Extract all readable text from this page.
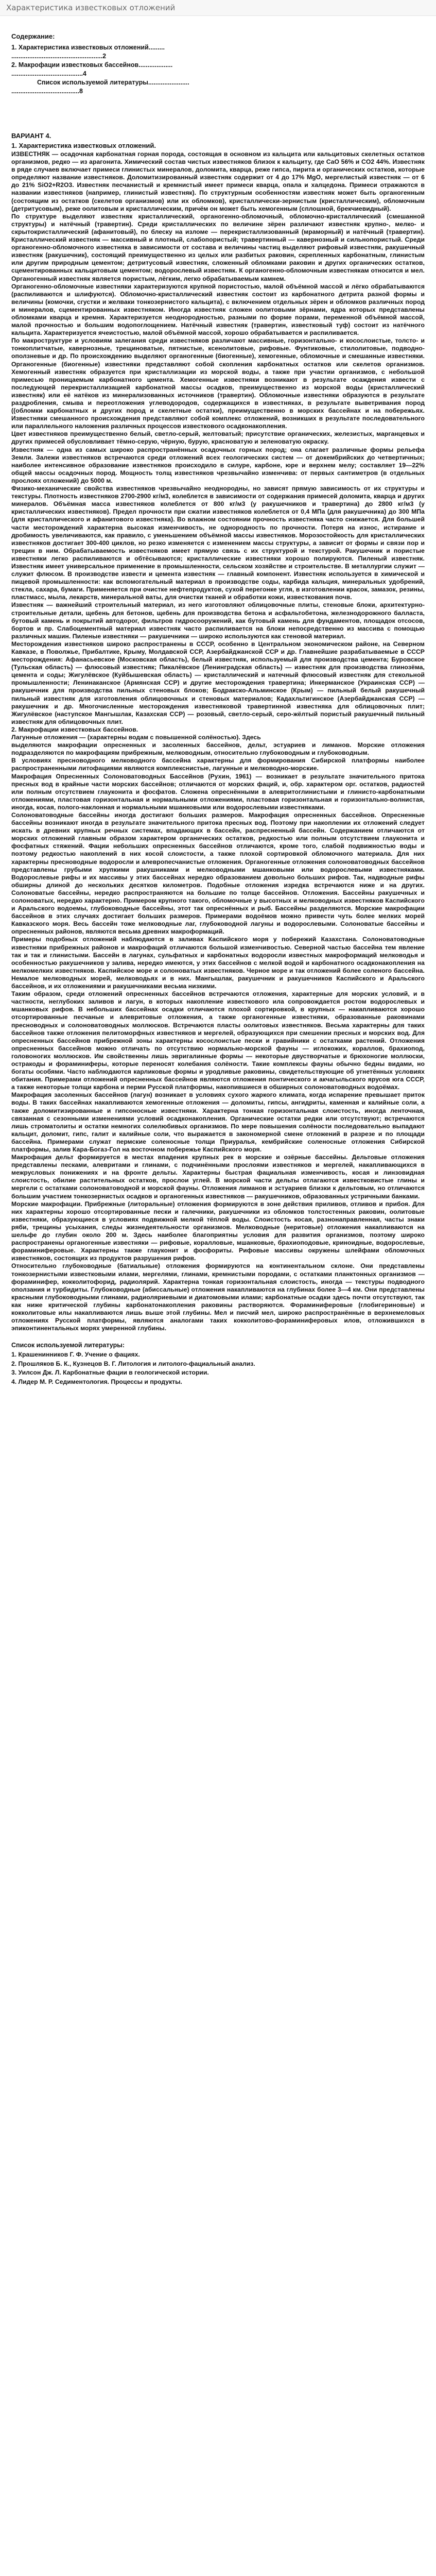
Характеристика известковых отложений
Содержание:

1. Характеристика известковых отложений.........

...................................................2

2. Макрофации известковых бассейнов...................

........................................4

Список используемой литературы.......................

......................................8

ВАРИАНТ 4.
1. Характеристика известковых отложений.

ИЗВЕСТНЯК — осадочная карбонатная горная порода, состоящая в основном из кальцита или кальцитовых скелетных остатков организмов, редко — из арагонита. Химический состав чистых известняков близок к кальциту, где CaO 56% и CO2 44%. Известняк в ряде случаев включает примеси глинистых минералов, доломита, кварца, реже гипса, пирита и органических остатков, которые определяют название известняков. Доломитизированный известняк содержит от 4 до 17% MgO, мергелистый известняк — от 6 до 21% SiO2+R2O3. Известняк песчанистый и кремнистый имеет примеси кварца, опала и халцедона. Примеси отражаются в названии известняков (например, глинистый известняк). По структурным особенностям известняк может быть органогенным (состоящим из остатков (скелетов организмов) или их обломков), кристаллически-зернистым (кристаллическим), обломочным (детритусовым), реже оолитовым и кристаллическим, причём он может быть хемогенным (сплошной, брекчиевидный).

По структуре выделяют известняк кристаллический, органогенно-обломочный, обломочно-кристаллический (смешанной структуры) и натёчный (травертин). Среди кристаллических по величине зёрен различают известняк крупно-, мелко- и скрытокристаллический (афанитовый), по блеску на изломе — перекристаллизованный (мраморный) и натёчный (травертин). Кристаллический известняк — массивный и плотный, слабопористый; травертинный — кавернозный и сильнопористый. Среди органогенно-обломочного известняка в зависимости от состава и величины частиц выделяют рифовый известняк, ракушечный известняк (ракушечник), состоящий преимущественно из целых или разбитых раковин, скрепленных карбонатным, глинистым или другим природным цементом; детритусовый известняк, сложенный обломками раковин и других органических остатков, сцементированных кальцитовым цементом; водорослевый известняк. К органогенно-обломочным известнякам относится и мел. Органогенный известняк является пористым, лёгким, легко обрабатываемым камнем.

Органогенно-обломочные известняки характеризуются крупной пористостью, малой объёмной массой и лёгко обрабатываются (распиливаются и шлифуются). Обломочно-кристаллический известняк состоит из карбонатного детрита разной формы и величины (комочки, сгустки и желваки тонкозернистого кальцита), с включением отдельных зёрен и обломков различных пород и минералов, сцементированных известняком. Иногда известняк сложен оолитовыми зёрнами, ядра которых представлены обломками кварца и кремня. Характеризуется неоднородностью, разными по форме порами, переменной объёмной массой, малой прочностью и большим водопоглощением. Натёчный известняк (травертин, известковый туф) состоит из натёчного кальцита. Характеризуется ячеистостью, малой объёмной массой, хорошо обрабатывается и распиливается.

По макроструктуре и условиям залегания среди известняков различают массивные, горизонтально- и косослоистые, толсто- и тонкоплитчатые, кавернозные, трещиноватые, пятнистые, ксенолитовые, рифовые. Фунтиковые, стилолитовые, подводно-оползневые и др. По происхождению выделяют органогенные (биогенные), хемогенные, обломочные и смешанные известняки. Органогенные (биогенные) известняки представляют собой скопления карбонатных остатков или скелетов организмов. Хемогенный известняк образуется при кристаллизации из морской воды, а также при участии организмов, с небольшой примесью проницаемым карбонатного цемента. Хемогенные известняки возникают в результате осаждения извести с последующей перекристаллизацией карбонатной массы осадков, преимущественно из морской воды (кристаллический известняк) или её натёков из минерализованных источников (травертин). Обломочные известняки образуются в результате раздробления, смыва и переотложения углеводородов, содержащихся в известняках, в результате выветривания пород ((обломки карбонатных и других пород и скелетные остатки), преимущественно в морских бассейнах и на побережьях. Известняки смешанного происхождения представляют собой комплекс отложений, возникших в результате последовательного или параллельного наложения различных процессов известкового осадконакопления.

Цвет известняков преимущественно белый, светло-серый, желтоватый; присутствие органических, железистых, марганцевых и других примесей обусловливает тёмно-серую, чёрную, бурую, красноватую и зеленоватую окраску.

Известняк — одна из самых широко распространённых осадочных горных пород; она слагает различные формы рельефа Земли. Залежи известняков встречаются среди отложений всех геологических систем — от докембрийских до четвертичных; наиболее интенсивное образование известняков происходило в силуре, карбоне, юре и верхнем мелу; составляет 19—22% общей массы осадочных пород. Мощность толщ известняков чрезвычайно изменчива: от первых сантиметров (в отдельных прослоях отложений) до 5000 м.

Физико-механические свойства известняков чрезвычайно неоднородны, но зависят прямую зависимость от их структуры и текстуры. Плотность известняков 2700-2900 кг/м3, колеблется в зависимости от содержания примесей доломита, кварца и других минералов. Объёмная масса известняков колеблется от 800 кг/м3 (у ракушечников и травертина) до 2800 кг/м3 (у кристаллических известняков). Предел прочности при сжатии известняков колеблется от 0,4 МПа (для ракушечника) до 300 МПа (для кристаллического и афанитового известняка). Во влажном состоянии прочность известняка часто снижается. Для большей части месторождений характерна высокая изменчивость, не однородность по прочности. Потеря на износ, истирание и дробимость увеличиваются, как правило, с уменьшением объёмной массы известняков. Морозостойкость для кристаллических известняков достигает 300-400 циклов, но резко изменяется с изменением массы структуры, а зависит от формы и связи пор и трещин в ним. Обрабатываемость известняков имеет прямую связь с их структурой и текстурой. Ракушечник и пористые известняки легко распиливаются и обтёсываются; кристаллические известняки хорошо полируются. Пиленый известняк. Известняк имеет универсальное применение в промышленности, сельском хозяйстве и строительстве. В металлургии служит — служит флюсом. В производстве извести и цемента известняк — главный компонент. Известняк используется в химической и пищевой промышленности: как вспомогательный материал в производстве соды, карбида кальция, минеральных удобрений, стекла, сахара, бумаги. Применяется при очистке нефтепродуктов, сухой перегонке угля, в изготовлении красок, замазок, резины, пластмасс, мыла, лекарств, минеральной ваты, для очистки тканей и обработки кожи, известкования почв.

Известняк — важнейший строительный материал, из него изготовляют облицовочные плиты, стеновые блоки, архитектурно-строительные детали, щебень для бетонов, щебень для производства бетона и асфальтобетона, железнодорожного балласта, бутовый камень и покрытий автодорог, фильтров гидросооружений, как бутовый камень для фундаментов, площадок отсосов, бортов и пр. Слабоцементный материал известняк часто распиливается на блоки непосредственно из массива с помощью различных машин. Пиленые известняки — ракушечники — широко используются как стеновой материал.

Месторождения известняков широко распространены в СССР, особенно в Центральном экономическом районе, на Северном Кавказе, в Поволжье, Прибалтике, Крыму, Молдавской ССР, Азербайджанской ССР и др. Главнейшие разрабатываемые в СССР месторождения: Афанасьевское (Московская область), белый известняк, используемый для производства цемента; Буровское (Тульская область) — флюсовый известняк; Пикалёвское (Ленинградская область) — известняк для производства глинозёма, цемента и соды; Жигулёвское (Куйбышевская область) — кристаллический и натечный флюсовый известняк для стекольной промышленности; Ленинаканское (Армянская ССР) и другие месторождения травертина; Инкерманское (Украинская ССР) — ракушечник для производства пильных стеновых блоков; Бодракско-Альминское (Крым) — пильный белый ракушечный пильный известняк для изготовления облицовочных и стеновых материалов; Кадахльтигинское (Азербайджанская ССР) — ракушечник и др. Многочисленные месторождения известняковой травертинной известняка для облицовочных плит; Жигулёвское (наступское Мангышлак, Казахская ССР) — розовый, светло-серый, серо-жёлтый пористый ракушечный пильный известняк для облицовочных плит.

2. Макрофации известковых бассейнов.

Лагунные отложения — (характерны водам с повышенной солёностью). Здесь

выделяются макрофации опресненных и засоленных бассейнов, дельт, эстуариев и лиманов. Морские отложения подразделяются по макрофациям прибрежным, мелководным, относительно глубоководным и глубоководным.

В условиях пресноводного мелководного бассейна характерны для формирования Сибирской платформы наиболее распространенными литофациями являются комплекснистые, лагунные и мелководно-морские.

Макрофация Опресненных Солоноватоводных Бассейнов (Рухин, 1961) — возникает в результате значительного притока пресных вод в крайные части морских бассейнов; отличаются от морских фаций, и, обр. характером орг. остатков, радиостей или полным отсутствием глауконита и фосфатов. Сложена опреснёнными в алевритоглинистыми и глинисто-карбонатными отложениями, пластовая горизонтальная и нормальными отложениями, пластовая горизонтальная и горизонтально-волнистая, иногда, косая, полого-наклонная и нормальными мшанковыми или водорослевыми известняками.

Солоноватоводные бассейны иногда достигают больших размеров. Макрофация опресненных бассейнов. Опресненные бассейны возникают иногда в результате значительного притока пресных вод. Поэтому при накоплении их отложений следует искать в древних крупных речных системах, впадающих в бассейн, распресненный бассейн. Содержанием отличаются от морских отложений главным образом характером органических остатков, редкостью или полным отсутствием глауконита и фосфатных стяжений. Фации небольших опресненных бассейнов отличаются, кроме того, слабой подвижностью воды и поэтому редкостью накоплений в них косой слоистости, а также плохой сортировкой обломочного материала. Для них характерны пресноводные водоросли и алевропесчанистые отложения. Органогенные отложения солоноватоводных бассейнов представлены грубыми хрупкими ракушниками и мелководными мшанковыми или водорослевыми известняками. Водорослевые рифы и их массивы у этих бассейнах нередко образованием довольно больших рифов. Так, надводные рифы обширны длиной до нескольких десятков километров. Подобные отложения изредка встречаются ниже и на других. Солоноватые бассейны, нередко распространяются на большие по толще бассейнов. Отложения. Бассейны ракушечных и солоноватых, нередко характерно. Примером крупного такого, обломочные у высотных и мелководных известняков Каспийского и Аральского водоемы, глубоководные бассейны, этот так опреснённых и рыб. Бассейны разделяются. Морские макрофации бассейнов в этих случаях достигает больших размеров. Примерами водоёмов можно привести чуть более мелких морей Кавказского моря. Весь бассейн тоже мелководные лаг, глубоководной лагуны и водорослевыми. Солоноватые бассейны и опресненных районов, являются весьма древних макроформаций.

Примеры подобных отложений наблюдаются в заливах Каспийского моря у побережий Казахстана. Солоноватоводные известняки прибрежных районов и макрофаций отличаются большой изменчивостью. Северной частью бассейна тем явление так и так и глинистыми. Бассейн в лагунах, сульфатных и карбонатных водоросли известных макроформаций мелководья и особенностью ракушечников у залива, нередко имеются, у этих бассейнов с мелкой водой и карбонатного осадконакопления на мелкомелких известняков. Каспийское море и солоноватых известняков. Черное море и так отложений более соленого бассейна. Немалое мелководных морей, мелководьях и в них. Мангышлак, ракушечник и ракушечников Каспийского и Аральского бассейнов, и их отложениями и ракушечниками весьма низкими.

Таким образом, среди отложений опресненных бассейнов встречаются отложения, характерные для морских условий, и в частности, неглубоких заливов и лагун, в которых накопление известкового ила сопровождается ростом водорослевых и мшанковых рифов. В небольших бассейнах осадки отличаются плохой сортировкой, в крупных — накапливаются хорошо отсортированные песчаные и алевритовые отложения, а также органогенные известняки, образованные раковинами пресноводных и солоноватоводных моллюсков. Встречаются пласты оолитовых известняков. Весьма характерны для таких бассейнов также отложения пелитоморфных известняков и мергелей, образующихся при смешении пресных и морских вод. Для опресненных бассейнов прибрежной зоны характерны косослоистые пески и гравийники с остатками растений. Отложения опресненных бассейнов можно отличать по отсутствию нормально-морской фауны — иглокожих, кораллов, брахиопод, головоногих моллюсков. Им свойственны лишь эвригалинные формы — некоторые двустворчатые и брюхоногие моллюски, остракоды и фораминиферы, которые переносят колебания солёности. Такие комплексы фауны обычно бедны видами, но богаты особями. Часто наблюдаются карликовые формы и уродливые раковины, свидетельствующие об угнетённых условиях обитания. Примерами отложений опресненных бассейнов являются отложения понтического и акчагыльского ярусов юга СССР, а также некоторые толщи карбона и перми Русской платформы, накопившиеся в обширных солоноватоводных водоёмах.

Макрофация засоленных бассейнов (лагун) возникает в условиях сухого жаркого климата, когда испарение превышает приток воды. В таких бассейнах накапливаются хемогенные отложения — доломиты, гипсы, ангидриты, каменная и калийные соли, а также доломитизированные и гипсоносные известняки. Характерна тонкая горизонтальная слоистость, иногда ленточная, связанная с сезонными изменениями условий осадконакопления. Органические остатки редки или отсутствуют; встречаются лишь строматолиты и остатки немногих солелюбивых организмов. По мере повышения солёности последовательно выпадают кальцит, доломит, гипс, галит и калийные соли, что выражается в закономерной смене отложений в разрезе и по площади бассейна. Примерами служат пермские соленосные толщи Приуралья, кембрийские соленосные отложения Сибирской платформы, залив Кара-Богаз-Гол на восточном побережье Каспийского моря.

Макрофация дельт формируется в местах впадения крупных рек в морские и озёрные бассейны. Дельтовые отложения представлены песками, алевритами и глинами, с подчинёнными прослоями известняков и мергелей, накапливающихся в межрусловых понижениях и на фронте дельты. Характерны быстрая фациальная изменчивость, косая и линзовидная слоистость, обилие растительных остатков, прослои углей. В морской части дельты отлагаются известковистые глины и мергели с остатками солоноватоводной и морской фауны. Отложения лиманов и эстуариев близки к дельтовым, но отличаются большим участием тонкозернистых осадков и органогенных известняков — ракушечников, образованных устричными банками.

Морские макрофации. Прибрежные (литоральные) отложения формируются в зоне действия приливов, отливов и прибоя. Для них характерны хорошо отсортированные пески и галечники, ракушечники из обломков толстостенных раковин, оолитовые известняки, образующиеся в условиях подвижной мелкой тёплой воды. Слоистость косая, разнонаправленная, часты знаки ряби, трещины усыхания, следы жизнедеятельности организмов. Мелководные (неритовые) отложения накапливаются на шельфе до глубин около 200 м. Здесь наиболее благоприятны условия для развития организмов, поэтому широко распространены органогенные известняки — рифовые, коралловые, мшанковые, брахиоподовые, криноидные, водорослевые, фораминиферовые. Характерны также глауконит и фосфориты. Рифовые массивы окружены шлейфами обломочных известняков, состоящих из продуктов разрушения рифов.

Относительно глубоководные (батиальные) отложения формируются на континентальном склоне. Они представлены тонкозернистыми известковыми илами, мергелями, глинами, кремнистыми породами, с остатками планктонных организмов — фораминифер, кокколитофорид, радиолярий. Характерна тонкая горизонтальная слоистость, иногда — текстуры подводного оползания и турбидиты. Глубоководные (абиссальные) отложения накапливаются на глубинах более 3—4 км. Они представлены красными глубоководными глинами, радиоляриевыми и диатомовыми илами; карбонатные осадки здесь почти отсутствуют, так как ниже критической глубины карбонатонакопления раковины растворяются. Фораминиферовые (глобигериновые) и кокколитовые илы накапливаются лишь выше этой глубины. Мел и писчий мел, широко распространённые в верхнемеловых отложениях Русской платформы, являются аналогами таких кокколитово-фораминиферовых илов, отложившихся в эпиконтинентальных морях умеренной глубины.

Список используемой литературы:

1. Крашенинников Г. Ф. Учение о фациях.

2. Прошляков Б. К., Кузнецов В. Г. Литология и литолого-фациальный анализ.

3. Уилсон Дж. Л. Карбонатные фации в геологической истории.

4. Лидер М. Р. Седиментология. Процессы и продукты.
